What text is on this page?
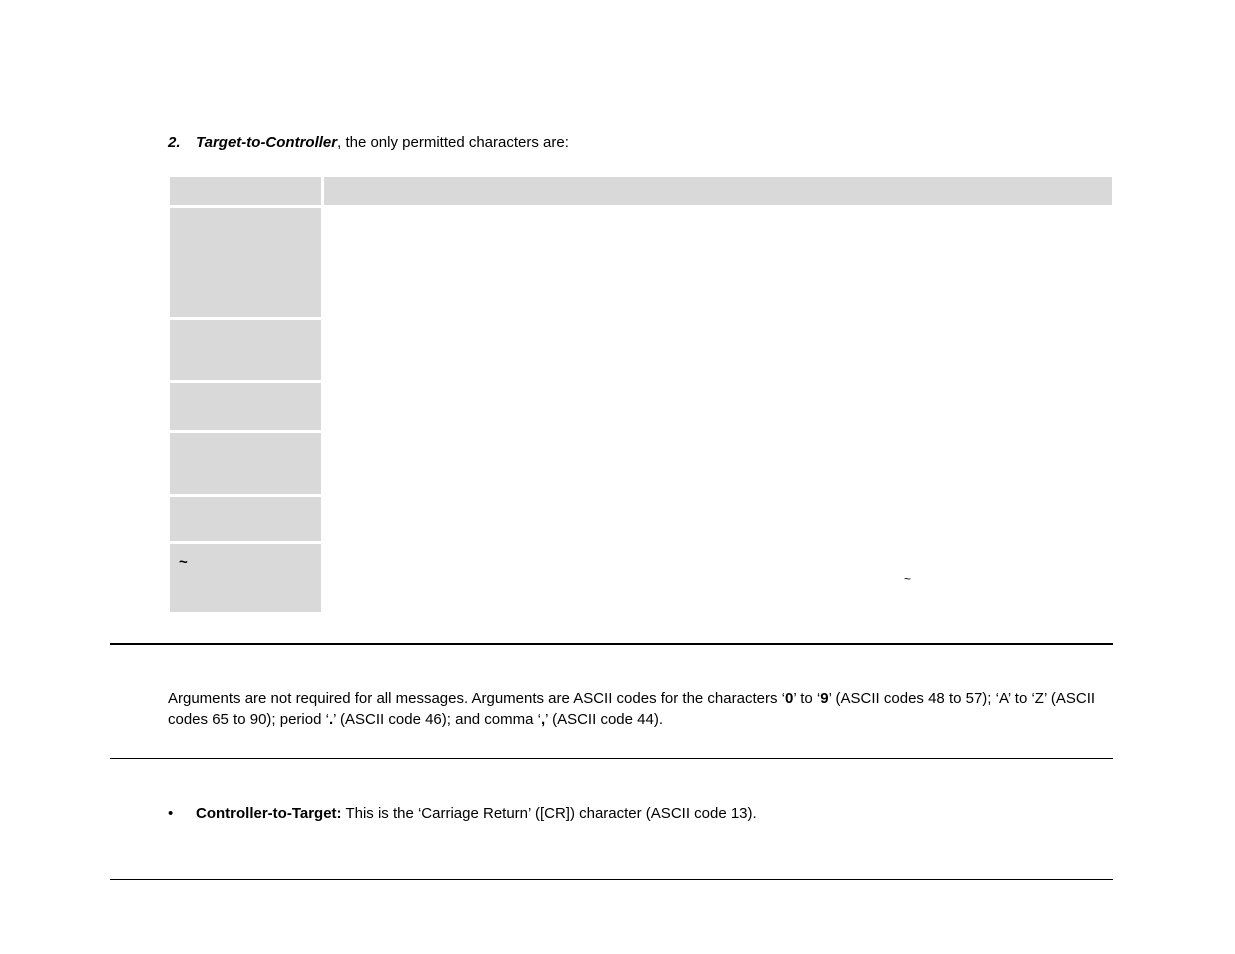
2. Target-to-Controller, the only permitted characters are:
~
~
Arguments are not required for all messages. Arguments are ASCII codes for the characters ‘0’ to ‘9’ (ASCII codes 48 to 57); ‘A’ to ‘Z’ (ASCII codes 65 to 90); period ‘.’ (ASCII code 46); and comma ‘,’ (ASCII code 44).
• Controller-to-Target: This is the ‘Carriage Return’ ([CR]) character (ASCII code 13).
